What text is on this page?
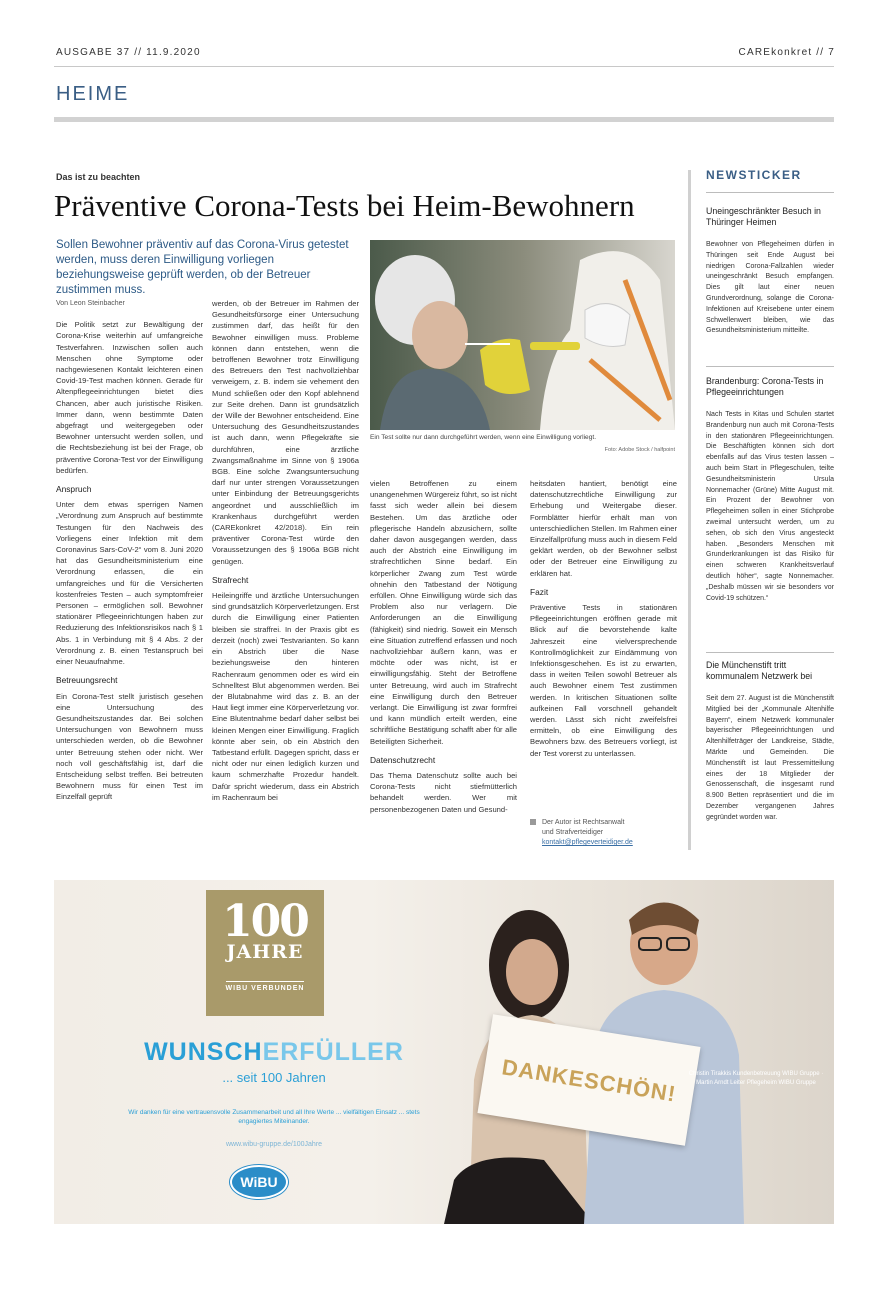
AUSGABE 37 // 11.9.2020	CAREkonkret // 7
HEIME
Das ist zu beachten
Präventive Corona-Tests bei Heim-Bewohnern
Sollen Bewohner präventiv auf das Corona-Virus getestet werden, muss deren Einwilligung vorliegen beziehungsweise geprüft werden, ob der Betreuer zustimmen muss.
Ein Test sollte nur dann durchgeführt werden, wenn eine Einwilligung vorliegt.
Foto: Adobe Stock / halfpoint
Von Leon Steinbacher

Die Politik setzt zur Bewältigung der Corona-Krise weiterhin auf umfangreiche Testverfahren. Inzwischen sollen auch Menschen ohne Symptome oder nachgewiesenen Kontakt leichteren einen Covid-19-Test machen können. Gerade für Altenpflegeeinrichtungen bietet dies Chancen, aber auch juristische Risiken. Immer dann, wenn bestimmte Daten abgefragt und weitergegeben oder Bewohner untersucht werden sollen, und die Rechtsbeziehung ist bei der Frage, ob präventive Corona-Test vor der Einwilligung bedürfen.

Anspruch

Unter dem etwas sperrigen Namen „Verordnung zum Anspruch auf bestimmte Testungen für den Nachweis des Vorliegens einer Infektion mit dem Coronavirus Sars-CoV-2“ vom 8. Juni 2020 hat das Gesundheitsministerium eine Verordnung erlassen, die ein umfangreiches und für die Versicherten kostenfreies Testen – auch symptomfreier Personen – ermöglichen soll. Bewohner stationärer Pflegeeinrichtungen haben zur Reduzierung des Infektionsrisikos nach § 1 Abs. 1 in Verbindung mit § 4 Abs. 2 der Verordnung z. B. einen Testanspruch bei einer Neuaufnahme.

Betreuungsrecht

Ein Corona-Test stellt juristisch gesehen eine Untersuchung des Gesundheitszustandes dar. Bei solchen Untersuchungen von Bewohnern muss unterschieden werden, ob die Bewohner unter Betreuung stehen oder nicht. Wer noch voll geschäftsfähig ist, darf die Entscheidung selbst treffen. Bei betreuten Bewohnern muss für einen Test im Einzelfall geprüft

werden, ob der Betreuer im Rahmen der Gesundheitsfürsorge einer Untersuchung zustimmen darf, das heißt für den Bewohner einwilligen muss. Probleme können dann entstehen, wenn die betroffenen Bewohner trotz Einwilligung des Betreuers den Test nachvollziehbar verweigern, z. B. indem sie vehement den Mund schließen oder den Kopf ablehnend zur Seite drehen. Dann ist grundsätzlich der Wille der Bewohner entscheidend. Eine Untersuchung des Gesundheitszustandes ist auch dann, wenn Pflegekräfte sie durchführen, eine ärztliche Zwangsmaßnahme im Sinne von § 1906a BGB. Eine solche Zwangsuntersuchung darf nur unter strengen Voraussetzungen unter Einbindung der Betreuungsgerichts angeordnet und ausschließlich im Krankenhaus durchgeführt werden (CAREkonkret 42/2018). Ein rein präventiver Corona-Test würde den Voraussetzungen des § 1906a BGB nicht genügen.

Strafrecht

Heileingriffe und ärztliche Untersuchungen sind grundsätzlich Körperverletzungen. Erst durch die Einwilligung einer Patienten bleiben sie straffrei. In der Praxis gibt es derzeit (noch) zwei Testvarianten. So kann ein Abstrich über die Nase beziehungsweise den hinteren Rachenraum genommen oder es wird ein Schnelltest Blut abgenommen werden. Bei der Blutabnahme wird das z. B. an der Haut liegt immer eine Körperverletzung vor. Eine Blutentnahme bedarf daher selbst bei kleinen Mengen einer Einwilligung. Fraglich könnte aber sein, ob ein Abstrich den Tatbestand erfüllt. Dagegen spricht, dass er nicht oder nur einen lediglich kurzen und kaum schmerzhafte Prozedur handelt. Dafür spricht wiederum, dass ein Abstrich im Rachenraum bei

vielen Betroffenen zu einem unangenehmen Würgereiz führt, so ist nicht fasst sich weder allein bei diesem Bestehen. Um das ärztliche oder pflegerische Handeln abzusichern, sollte daher davon ausgegangen werden, dass auch der Abstrich eine Einwilligung im strafrechtlichen Sinne bedarf. Ein körperlicher Zwang zum Test würde ohnehin den Tatbestand der Nötigung erfüllen. Ohne Einwilligung würde sich das Problem also nur verlagern. Die Anforderungen an die Einwilligung (fähigkeit) sind niedrig. Soweit ein Mensch eine Situation zutreffend erfassen und noch nachvollziehbar äußern kann, was er möchte oder was nicht, ist er einwilligungsfähig. Steht der Betroffene unter Betreuung, wird auch im Strafrecht eine Einwilligung durch den Betreuer verlangt. Die Einwilligung ist zwar formfrei und kann mündlich erteilt werden, eine schriftliche Bestätigung schafft aber für alle Beteiligten Sicherheit.

Datenschutzrecht

Das Thema Datenschutz sollte auch bei Corona-Tests nicht stiefmütterlich behandelt werden. Wer mit personenbezogenen Daten und Gesund-

heitsdaten hantiert, benötigt eine datenschutzrechtliche Einwilligung zur Erhebung und Weitergabe dieser. Formblätter hierfür erhält man von unterschiedlichen Stellen. Im Rahmen einer Einzelfallprüfung muss auch in diesem Feld geklärt werden, ob der Bewohner selbst oder der Betreuer eine Einwilligung zu erklären hat.

Fazit

Präventive Tests in stationären Pflegeeinrichtungen eröffnen gerade mit Blick auf die bevorstehende kalte Jahreszeit eine vielversprechende Kontrollmöglichkeit zur Eindämmung von Infektionsgeschehen. Es ist zu erwarten, dass in weiten Teilen sowohl Betreuer als auch Bewohner einem Test zustimmen werden. In kritischen Situationen sollte aufkeinen Fall vorschnell gehandelt werden. Lässt sich nicht zweifelsfrei ermitteln, ob eine Einwilligung des Bewohners bzw. des Betreuers vorliegt, ist der Test vorerst zu unterlassen.

Der Autor ist Rechtsanwalt
und Strafverteidiger
kontakt@pflegeverteidiger.de
NEWSTICKER
Uneingeschränkter Besuch in Thüringer Heimen
Bewohner von Pflegeheimen dürfen in Thüringen seit Ende August bei niedrigen Corona-Fallzahlen wieder uneingeschränkt Besuch empfangen. Dies gilt laut einer neuen Grundverordnung, solange die Corona-Infektionen auf Kreisebene unter einem Schwellenwert bleiben, wie das Gesundheitsministerium mitteilte.
Brandenburg: Corona-Tests in Pflegeeinrichtungen
Nach Tests in Kitas und Schulen startet Brandenburg nun auch mit Corona-Tests in den stationären Pflegeeinrichtungen. Die Beschäftigten können sich dort ebenfalls auf das Virus testen lassen – auch beim Start in Pflegeschulen, teilte Gesundheitsministerin Ursula Nonnemacher (Grüne) Mitte August mit. Ein Prozent der Bewohner von Pflegeheimen sollen in einer Stichprobe zweimal untersucht werden, um zu sehen, ob sich den Virus angesteckt haben. „Besonders Menschen mit Grunderkrankungen ist das Risiko für einen schweren Krankheitsverlauf deutlich höher“, sagte Nonnemacher. „Deshalb müssen wir sie besonders vor Covid-19 schützen.“
Die Münchenstift tritt kommunalem Netzwerk bei
Seit dem 27. August ist die Münchenstift Mitglied bei der „Kommunale Altenhilfe Bayern“, einem Netzwerk kommunaler bayerischer Pflegeeinrichtungen und Altenhilfeträger der Landkreise, Städte, Märkte und Gemeinden. Die Münchenstift ist laut Pressemitteilung eines der 18 Mitglieder der Genossenschaft, die insgesamt rund 8.900 Betten repräsentiert und die im Dezember vergangenen Jahres gegründet worden war.
100
JAHRE
WIBU VERBUNDEN
WUNSCHERFÜLLER
... seit 100 Jahren
Wir danken für eine vertrauensvolle Zusammenarbeit und all Ihre Werte ... vielfältigen Einsatz ... stets engagiertes Miteinander.
www.wibu-gruppe.de/100Jahre
WiBU
DANKESCHÖN!	Christin Tirakkis Kundenbetreuung WIBU Gruppe · Martin Arndt Leiter Pflegeheim WIBU Gruppe
